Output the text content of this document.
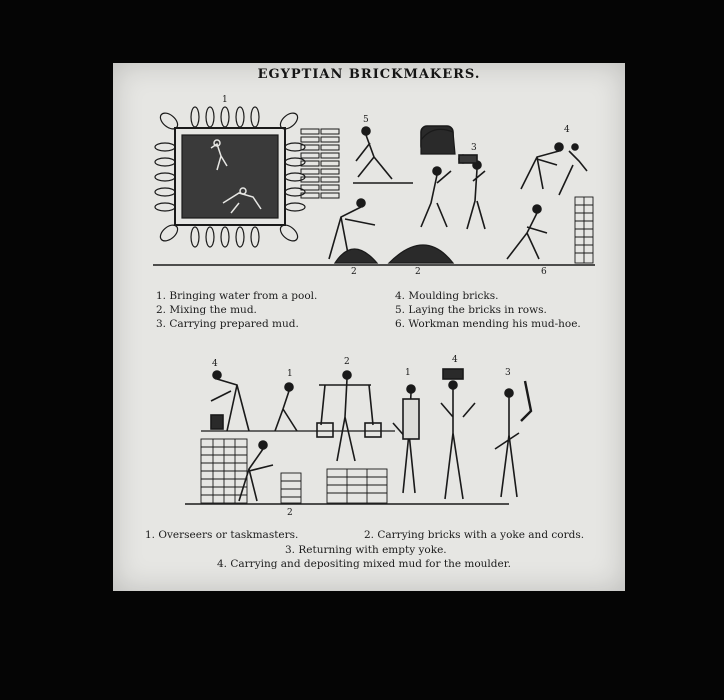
EGYPTIAN BRICKMAKERS.
1
5
3
4
2	2	6
1. Bringing water from a pool.
2. Mixing the mud.
3. Carrying prepared mud.
4. Moulding bricks.
5. Laying the bricks in rows.
6. Workman mending his mud-hoe.
4
1
2
1
4
3
2
1. Overseers or taskmasters.	2. Carrying bricks with a yoke and cords.
3. Returning with empty yoke.
4. Carrying and depositing mixed mud for the moulder.
